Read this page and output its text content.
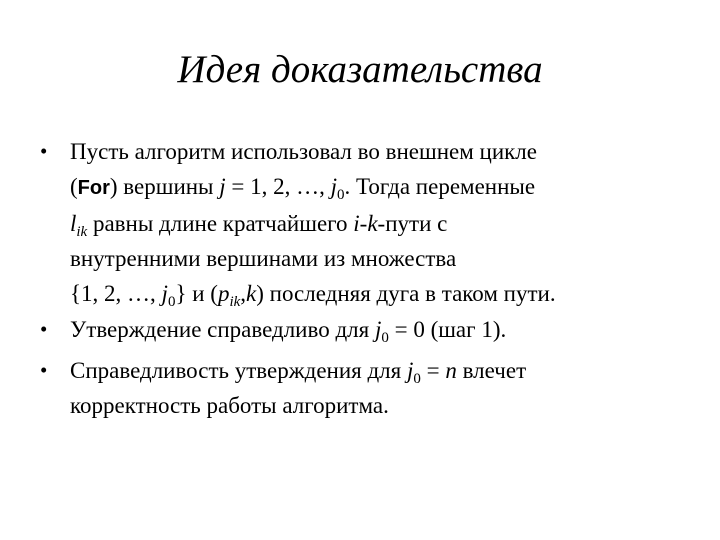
Идея доказательства
• Пусть алгоритм использовал во внешнем цикле
(For) вершины j = 1, 2, …, $j_0$. Тогда переменные
$l_{ik}$ равны длине кратчайшего i-k-пути с
внутренними вершинами из множества
{1, 2, …, $j_0$} и $(p_{ik},k)$ последняя дуга в таком пути.
• Утверждение справедливо для $j_0 = 0$ (шаг 1).
• Справедливость утверждения для $j_0 = n$ влечет
корректность работы алгоритма.
